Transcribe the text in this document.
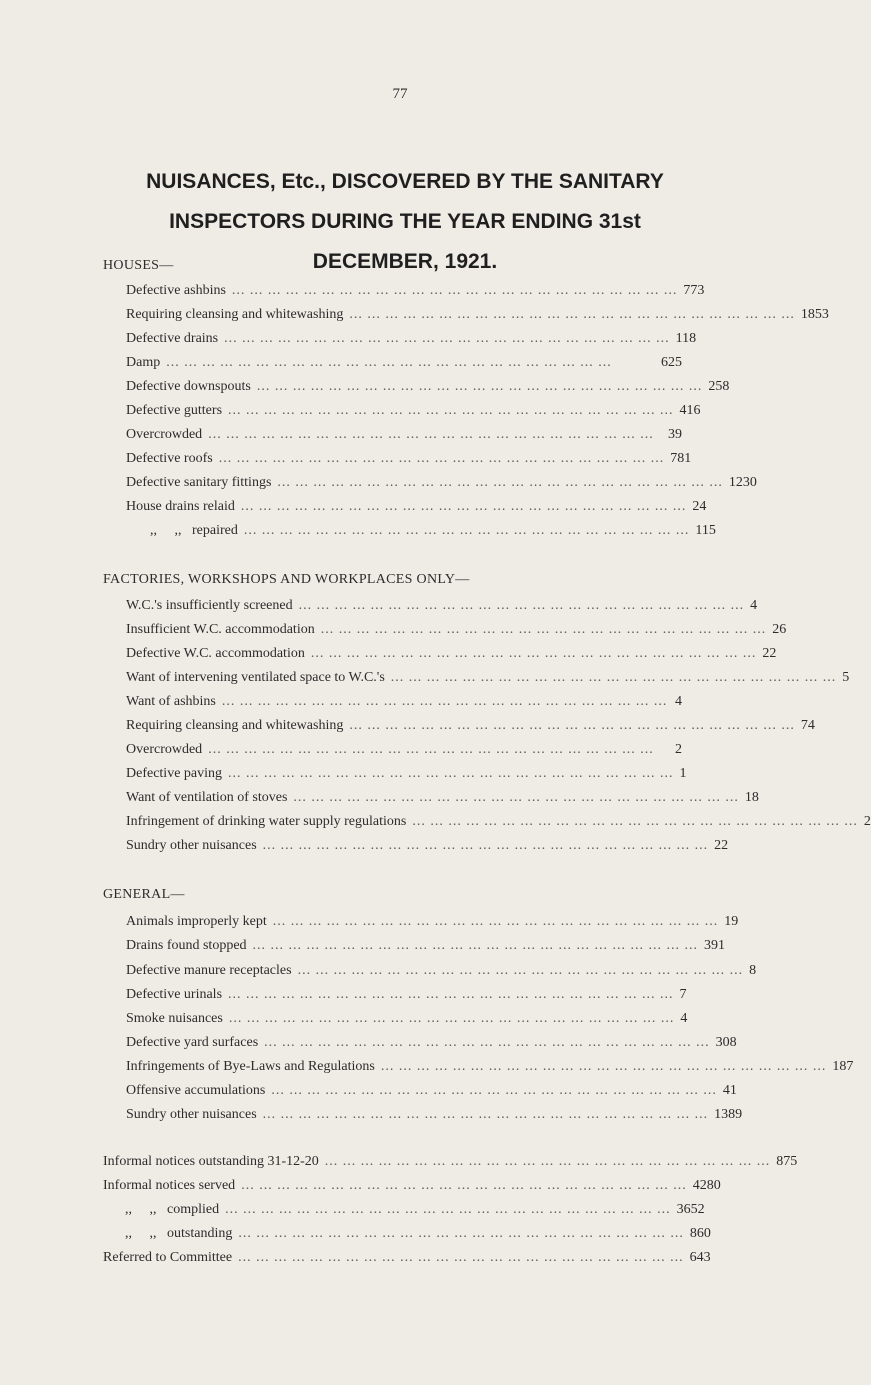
77
NUISANCES, Etc., DISCOVERED BY THE SANITARY
INSPECTORS DURING THE YEAR ENDING 31st
DECEMBER, 1921.
HOUSES—
Defective ashbins ... ... ... ... ... ... ... ... ... ... ... ... ... ... ... ... ... ... ... ... ... ... ... ... ... 773
Requiring cleansing and whitewashing ... ... ... ... ... ... ... ... ... ... ... ... ... ... ... ... ... ... ... ... ... ... ... ... ... 1853
Defective drains ... ... ... ... ... ... ... ... ... ... ... ... ... ... ... ... ... ... ... ... ... ... ... ... ... 118
Damp ... ... ... ... ... ... ... ... ... ... ... ... ... ... ... ... ... ... ... ... ... ... ... ... ...	625
Defective downspouts ... ... ... ... ... ... ... ... ... ... ... ... ... ... ... ... ... ... ... ... ... ... ... ... ... 258
Defective gutters ... ... ... ... ... ... ... ... ... ... ... ... ... ... ... ... ... ... ... ... ... ... ... ... ... 416
Overcrowded ... ... ... ... ... ... ... ... ... ... ... ... ... ... ... ... ... ... ... ... ... ... ... ... ...	39
Defective roofs ... ... ... ... ... ... ... ... ... ... ... ... ... ... ... ... ... ... ... ... ... ... ... ... ... 781
Defective sanitary fittings ... ... ... ... ... ... ... ... ... ... ... ... ... ... ... ... ... ... ... ... ... ... ... ... ... 1230
House drains relaid ... ... ... ... ... ... ... ... ... ... ... ... ... ... ... ... ... ... ... ... ... ... ... ... ... 24
,,     ,,   repaired ... ... ... ... ... ... ... ... ... ... ... ... ... ... ... ... ... ... ... ... ... ... ... ... ... 115
FACTORIES, WORKSHOPS AND WORKPLACES ONLY—
W.C.'s insufficiently screened ... ... ... ... ... ... ... ... ... ... ... ... ... ... ... ... ... ... ... ... ... ... ... ... ... 4
Insufficient W.C. accommodation ... ... ... ... ... ... ... ... ... ... ... ... ... ... ... ... ... ... ... ... ... ... ... ... ... 26
Defective W.C. accommodation ... ... ... ... ... ... ... ... ... ... ... ... ... ... ... ... ... ... ... ... ... ... ... ... ... 22
Want of intervening ventilated space to W.C.'s ... ... ... ... ... ... ... ... ... ... ... ... ... ... ... ... ... ... ... ... ... ... ... ... ... 5
Want of ashbins ... ... ... ... ... ... ... ... ... ... ... ... ... ... ... ... ... ... ... ... ... ... ... ... ... 4
Requiring cleansing and whitewashing ... ... ... ... ... ... ... ... ... ... ... ... ... ... ... ... ... ... ... ... ... ... ... ... ... 74
Overcrowded ... ... ... ... ... ... ... ... ... ... ... ... ... ... ... ... ... ... ... ... ... ... ... ... ...	2
Defective paving ... ... ... ... ... ... ... ... ... ... ... ... ... ... ... ... ... ... ... ... ... ... ... ... ... 1
Want of ventilation of stoves ... ... ... ... ... ... ... ... ... ... ... ... ... ... ... ... ... ... ... ... ... ... ... ... ... 18
Infringement of drinking water supply regulations ... ... ... ... ... ... ... ... ... ... ... ... ... ... ... ... ... ... ... ... ... ... ... ... ... 2
Sundry other nuisances ... ... ... ... ... ... ... ... ... ... ... ... ... ... ... ... ... ... ... ... ... ... ... ... ... 22
GENERAL—
Animals improperly kept ... ... ... ... ... ... ... ... ... ... ... ... ... ... ... ... ... ... ... ... ... ... ... ... ... 19
Drains found stopped ... ... ... ... ... ... ... ... ... ... ... ... ... ... ... ... ... ... ... ... ... ... ... ... ... 391
Defective manure receptacles ... ... ... ... ... ... ... ... ... ... ... ... ... ... ... ... ... ... ... ... ... ... ... ... ... 8
Defective urinals ... ... ... ... ... ... ... ... ... ... ... ... ... ... ... ... ... ... ... ... ... ... ... ... ... 7
Smoke nuisances ... ... ... ... ... ... ... ... ... ... ... ... ... ... ... ... ... ... ... ... ... ... ... ... ... 4
Defective yard surfaces ... ... ... ... ... ... ... ... ... ... ... ... ... ... ... ... ... ... ... ... ... ... ... ... ... 308
Infringements of Bye-Laws and Regulations ... ... ... ... ... ... ... ... ... ... ... ... ... ... ... ... ... ... ... ... ... ... ... ... ... 187
Offensive accumulations ... ... ... ... ... ... ... ... ... ... ... ... ... ... ... ... ... ... ... ... ... ... ... ... ... 41
Sundry other nuisances ... ... ... ... ... ... ... ... ... ... ... ... ... ... ... ... ... ... ... ... ... ... ... ... ... 1389
Informal notices outstanding 31-12-20 ... ... ... ... ... ... ... ... ... ... ... ... ... ... ... ... ... ... ... ... ... ... ... ... ... 875
Informal notices served ... ... ... ... ... ... ... ... ... ... ... ... ... ... ... ... ... ... ... ... ... ... ... ... ... 4280
,,     ,,   complied ... ... ... ... ... ... ... ... ... ... ... ... ... ... ... ... ... ... ... ... ... ... ... ... ... 3652
,,     ,,   outstanding ... ... ... ... ... ... ... ... ... ... ... ... ... ... ... ... ... ... ... ... ... ... ... ... ... 860
Referred to Committee ... ... ... ... ... ... ... ... ... ... ... ... ... ... ... ... ... ... ... ... ... ... ... ... ... 643
